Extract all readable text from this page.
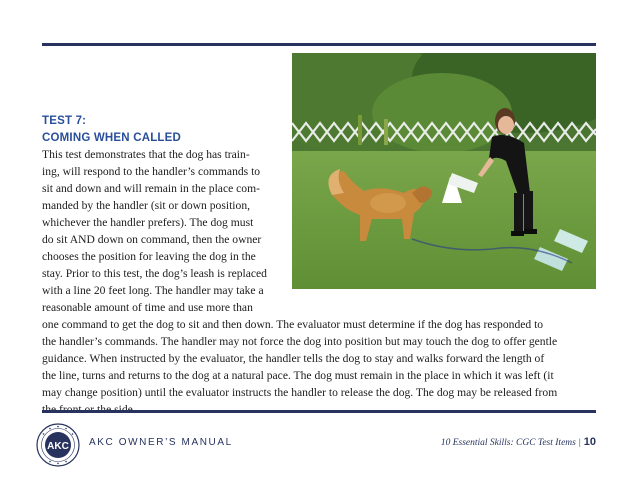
TEST 7:
COMING WHEN CALLED
This test demonstrates that the dog has train-
ing, will respond to the handler’s commands to
sit and down and will remain in the place com-
manded by the handler (sit or down position,
whichever the handler prefers). The dog must
do sit AND down on command, then the owner
chooses the position for leaving the dog in the
stay. Prior to this test, the dog’s leash is replaced
with a line 20 feet long. The handler may take a
reasonable amount of time and use more than
one command to get the dog to sit and then down. The evaluator must determine if the dog has responded to
the handler’s commands. The handler may not force the dog into position but may touch the dog to offer gentle
guidance. When instructed by the evaluator, the handler tells the dog to stay and walks forward the length of
the line, turns and returns to the dog at a natural pace. The dog must remain in the place in which it was left (it
may change position) until the evaluator instructs the handler to release the dog. The dog may be released from
AKC AKC OWNER’S MANUAL	10 Essential Skills: CGC Test Items | 10
